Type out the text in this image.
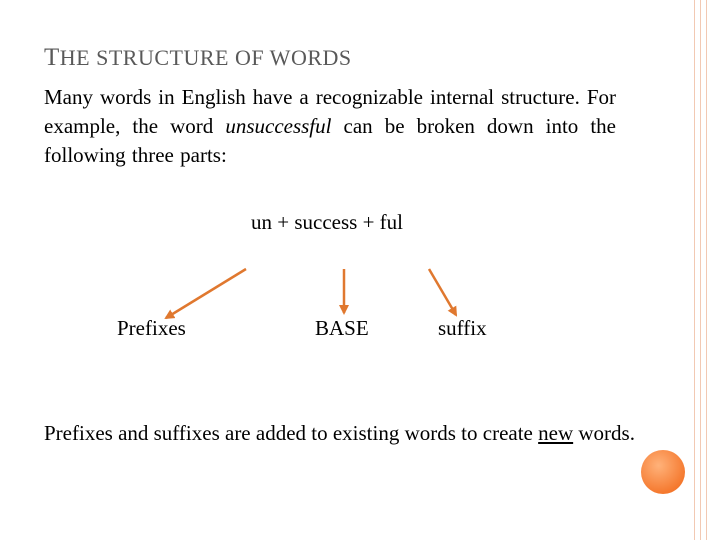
THE STRUCTURE OF WORDS
Many words in English have a recognizable internal structure. For example, the word unsuccessful can be broken down into the following three parts:
un + success + ful
Prefixes	BASE	suffix
Prefixes and suffixes are added to existing words to create new words.
